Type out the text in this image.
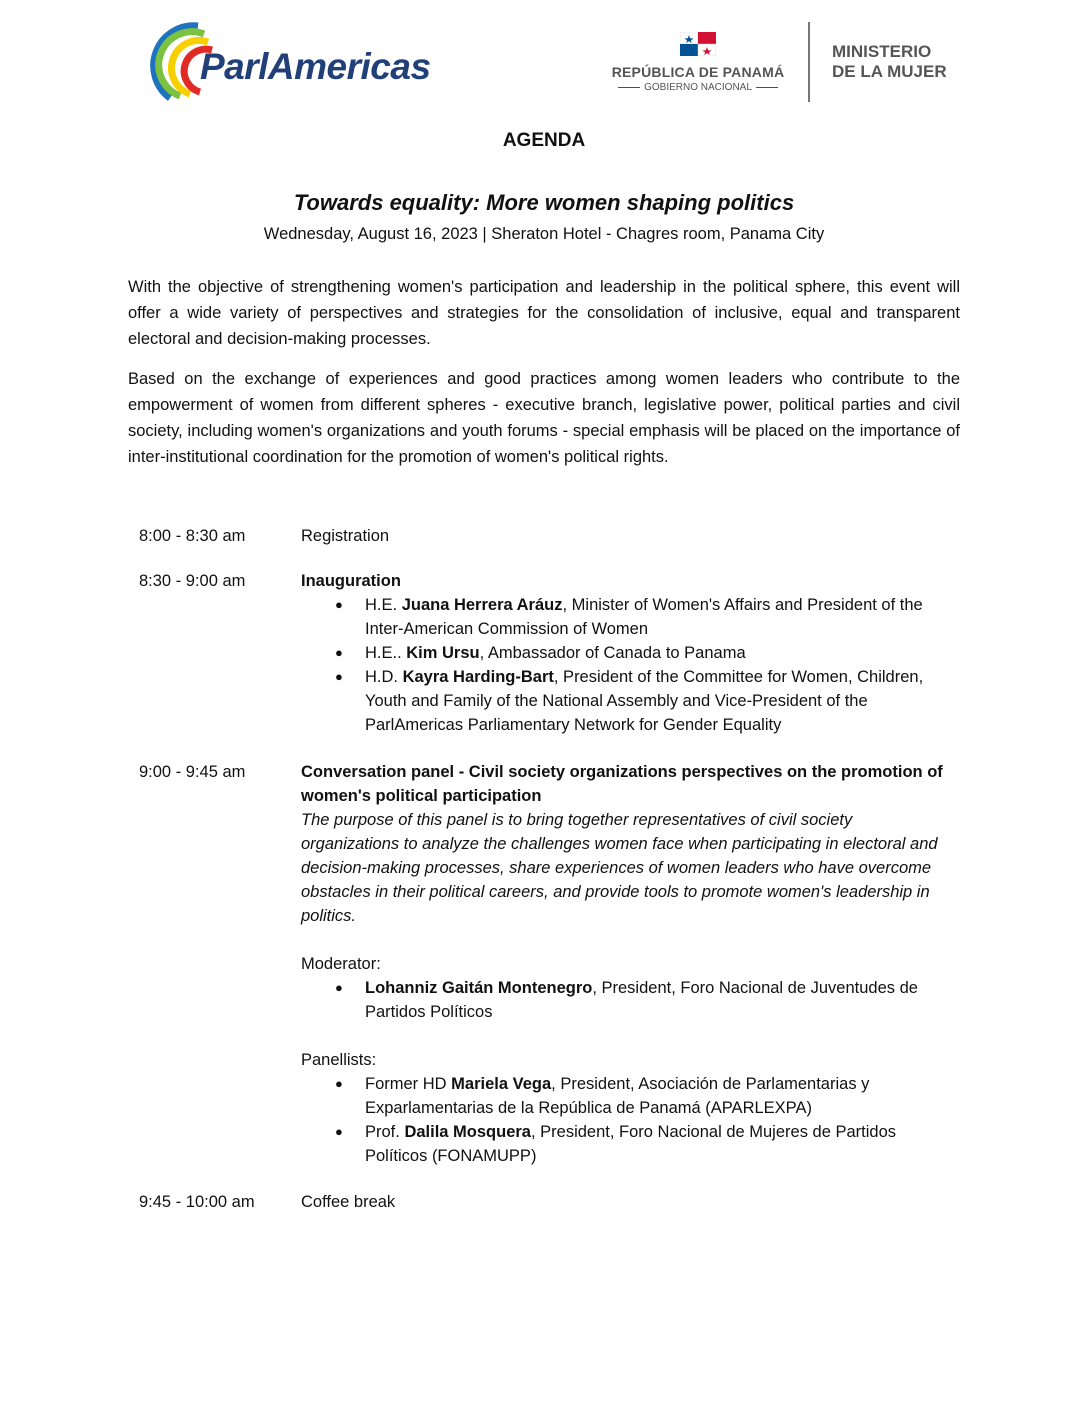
ParlAmericas	REPÚBLICA DE PANAMÁ
GOBIERNO NACIONAL
MINISTERIO
DE LA MUJER
AGENDA
Towards equality: More women shaping politics
Wednesday, August 16, 2023 | Sheraton Hotel - Chagres room, Panama City

With the objective of strengthening women's participation and leadership in the political sphere, this event will offer a wide variety of perspectives and strategies for the consolidation of inclusive, equal and transparent electoral and decision-making processes.

Based on the exchange of experiences and good practices among women leaders who contribute to the empowerment of women from different spheres - executive branch, legislative power, political parties and civil society, including women's organizations and youth forums - special emphasis will be placed on the importance of inter-institutional coordination for the promotion of women's political rights.

8:00 - 8:30 am	Registration
8:30 - 9:00 am	Inauguration
● H.E. Juana Herrera Aráuz, Minister of Women's Affairs and President of the Inter-American Commission of Women
● H.E.. Kim Ursu, Ambassador of Canada to Panama
● H.D. Kayra Harding-Bart, President of the Committee for Women, Children, Youth and Family of the National Assembly and Vice-President of the ParlAmericas Parliamentary Network for Gender Equality
9:00 - 9:45 am	Conversation panel - Civil society organizations perspectives on the promotion of women's political participation
The purpose of this panel is to bring together representatives of civil society organizations to analyze the challenges women face when participating in electoral and decision-making processes, share experiences of women leaders who have overcome obstacles in their political careers, and provide tools to promote women's leadership in politics.
Moderator:
● Lohanniz Gaitán Montenegro, President, Foro Nacional de Juventudes de Partidos Políticos
Panellists:
● Former HD Mariela Vega, President, Asociación de Parlamentarias y Exparlamentarias de la República de Panamá (APARLEXPA)
● Prof. Dalila Mosquera, President, Foro Nacional de Mujeres de Partidos Políticos (FONAMUPP)
9:45 - 10:00 am	Coffee break
